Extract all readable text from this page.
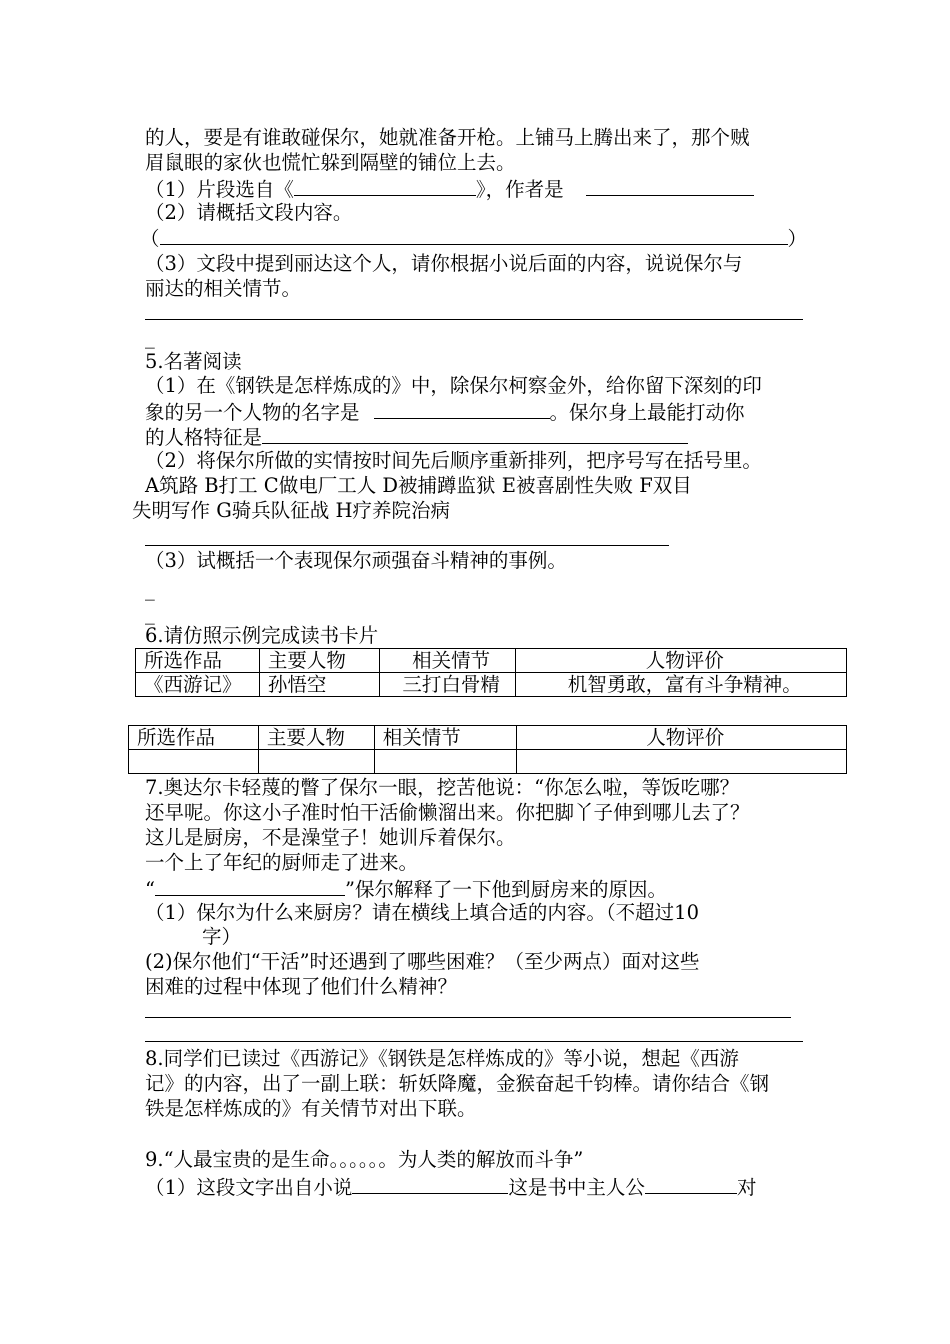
的人，要是有谁敢碰保尔，她就准备开枪。上铺马上腾出来了，那个贼
眉鼠眼的家伙也慌忙躲到隔壁的铺位上去。
（1）片段选自《	》，作者是
（2）请概括文段内容。
（	）
（3）文段中提到丽达这个人，请你根据小说后面的内容，说说保尔与
丽达的相关情节。
_
5.名著阅读
（1）在《钢铁是怎样炼成的》中，除保尔柯察金外，给你留下深刻的印
象的另一个人物的名字是	。保尔身上最能打动你
的人格特征是
（2）将保尔所做的实情按时间先后顺序重新排列，把序号写在括号里。
A筑路 B打工 C做电厂工人 D被捕蹲监狱 E被喜剧性失败 F双目
失明写作 G骑兵队征战 H疗养院治病
（3）试概括一个表现保尔顽强奋斗精神的事例。
_
_
6.请仿照示例完成读书卡片
所选作品	主要人物	相关情节	人物评价
《西游记》	孙悟空	三打白骨精	机智勇敢，富有斗争精神。
所选作品	主要人物	相关情节	人物评价

7.奥达尔卡轻蔑的瞥了保尔一眼，挖苦他说：“你怎么啦，等饭吃哪？
还早呢。你这小子准时怕干活偷懒溜出来。你把脚丫子伸到哪儿去了？
这儿是厨房，不是澡堂子！她训斥着保尔。
一个上了年纪的厨师走了进来。
“	”保尔解释了一下他到厨房来的原因。
（1）保尔为什么来厨房？请在横线上填合适的内容。（不超过10
字）
(2)保尔他们“干活”时还遇到了哪些困难？（至少两点）面对这些
困难的过程中体现了他们什么精神？
8.同学们已读过《西游记》《钢铁是怎样炼成的》等小说，想起《西游
记》的内容，出了一副上联：斩妖降魔，金猴奋起千钧棒。请你结合《钢
铁是怎样炼成的》有关情节对出下联。
9.“人最宝贵的是生命。。。。。。为人类的解放而斗争”
（1）这段文字出自小说	这是书中主人公	对
